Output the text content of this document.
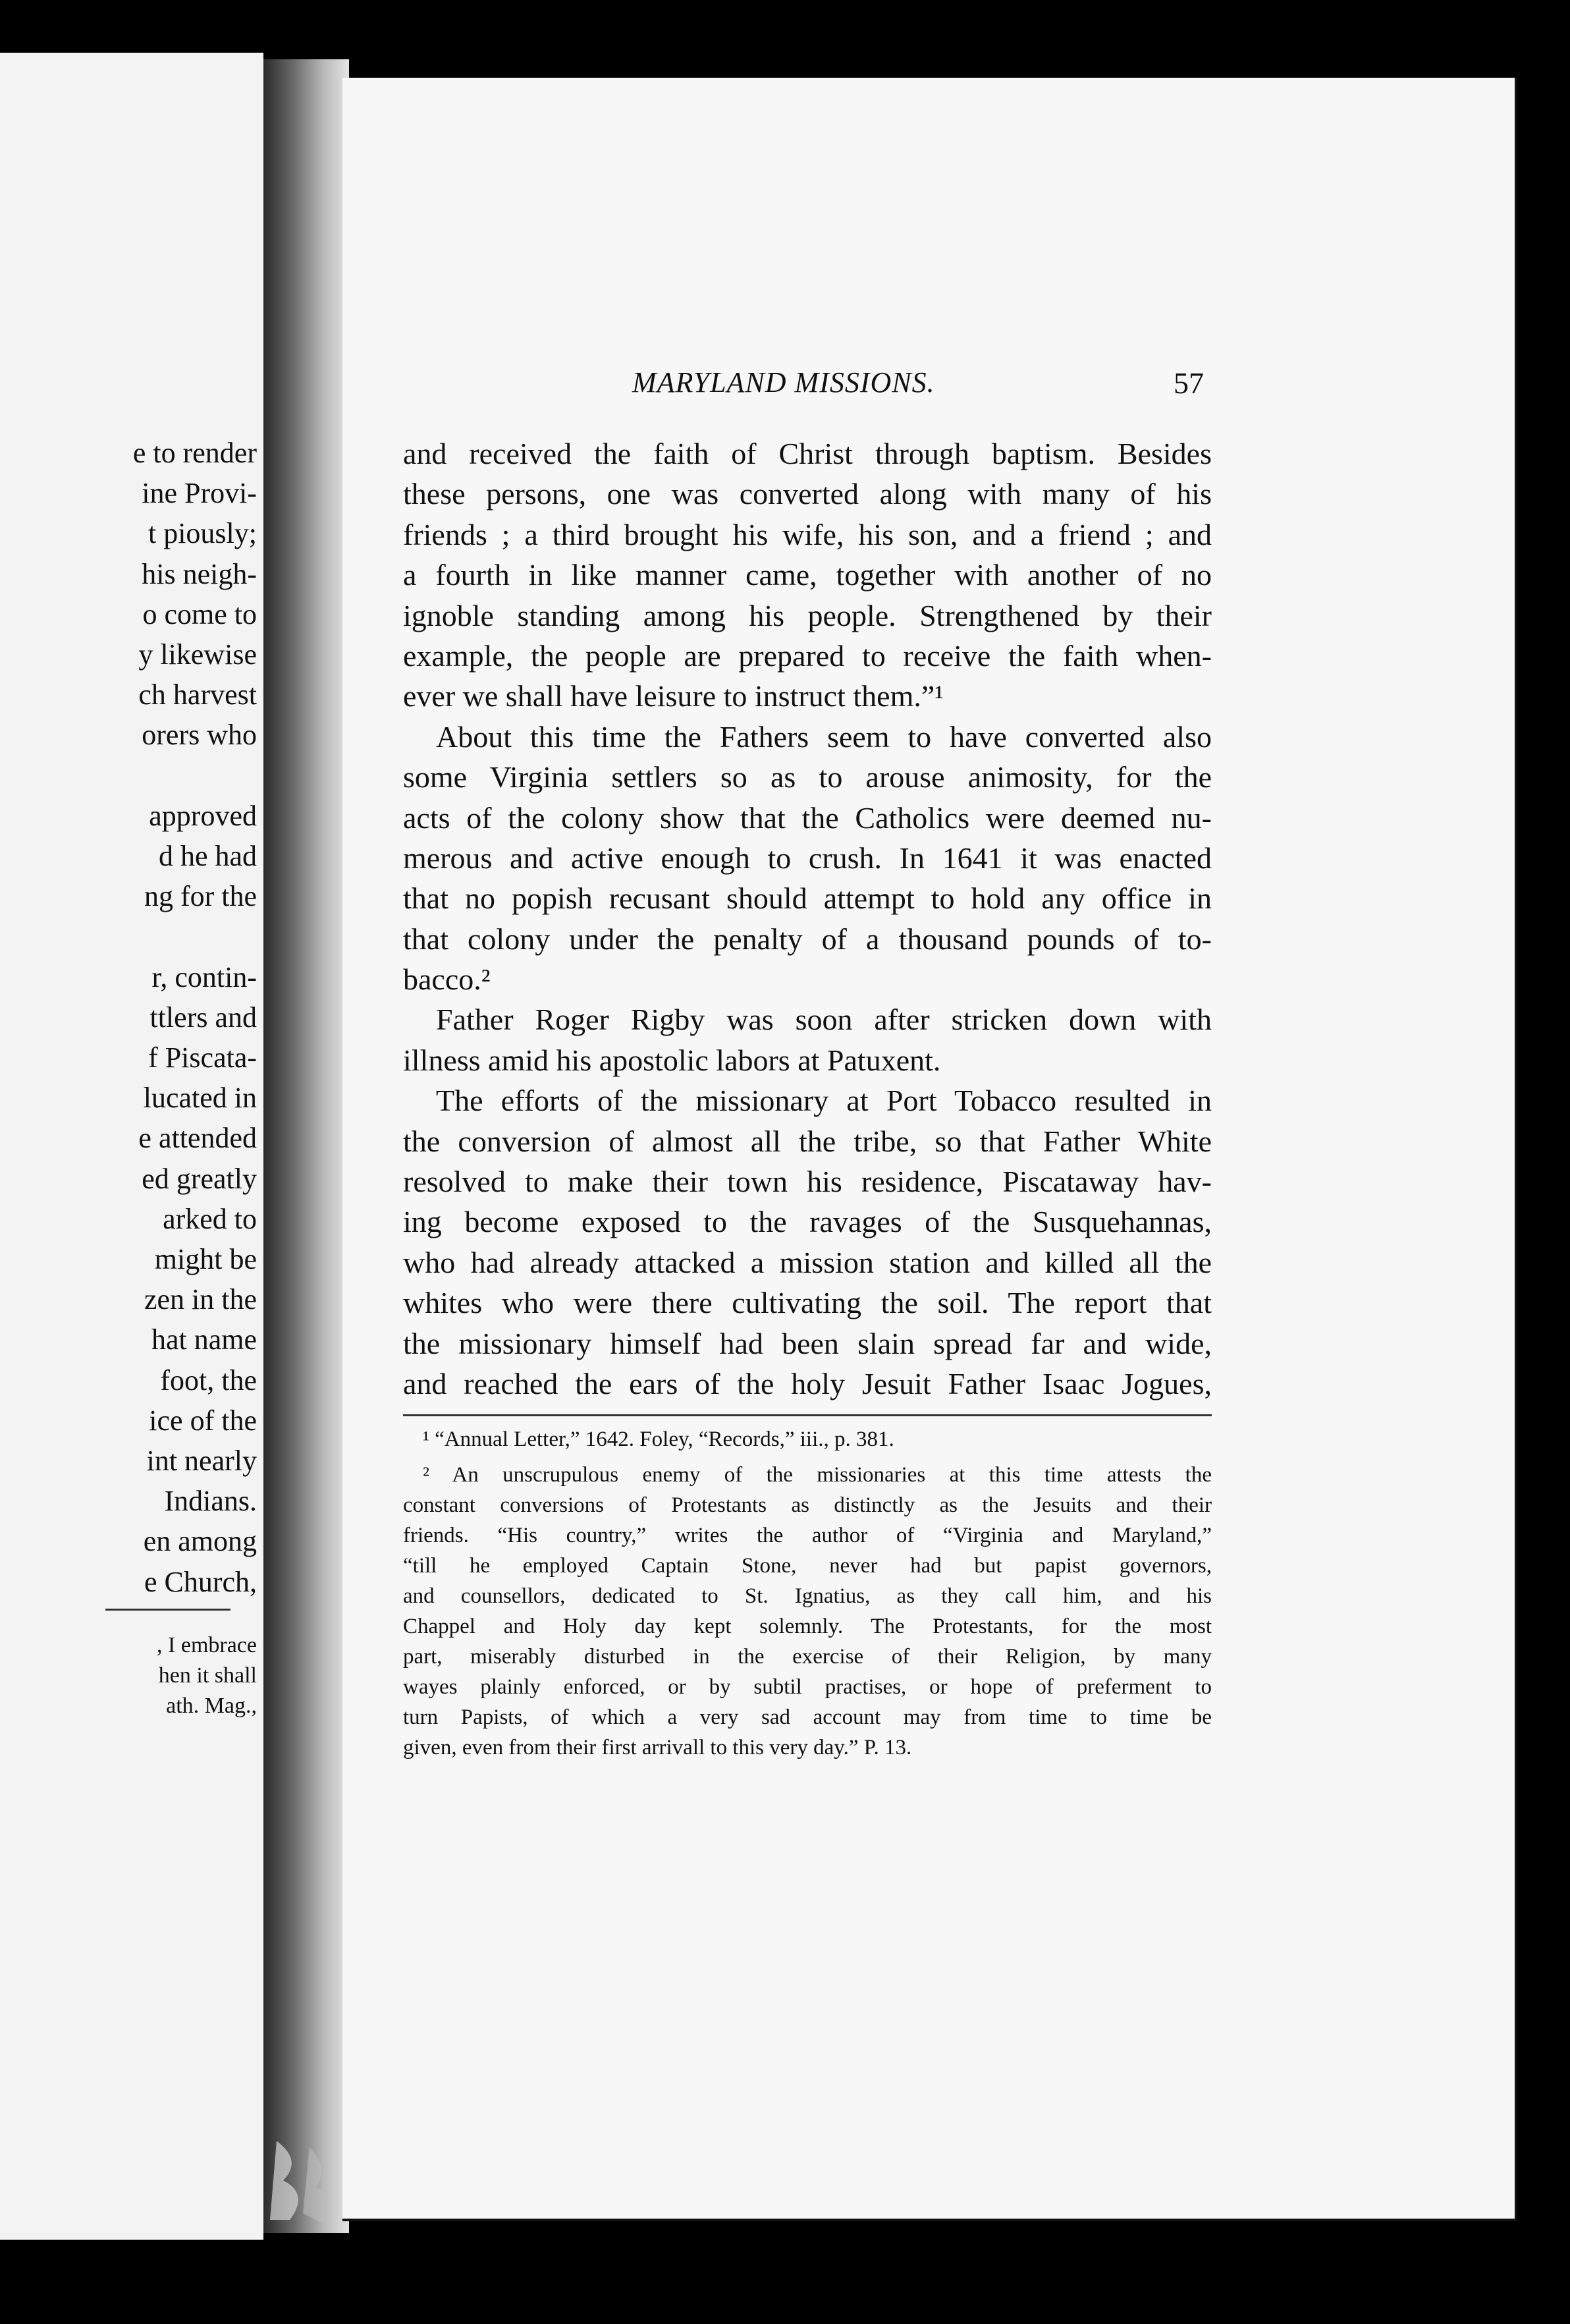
e to render
ine Provi-
t piously;
his neigh-
o come to
y likewise
ch harvest
orers who
approved
d he had
ng for the
r, contin-
ttlers and
f Piscata-
lucated in
e attended
ed greatly
arked to
might be
zen in the
hat name
foot, the
ice of the
int nearly
Indians.
en among
e Church,
, I embrace
hen it shall
ath. Mag.,
MARYLAND MISSIONS.	57
and received the faith of Christ through baptism. Besides
these persons, one was converted along with many of his
friends ; a third brought his wife, his son, and a friend ; and
a fourth in like manner came, together with another of no
ignoble standing among his people. Strengthened by their
example, the people are prepared to receive the faith when-
ever we shall have leisure to instruct them.”¹
About this time the Fathers seem to have converted also
some Virginia settlers so as to arouse animosity, for the
acts of the colony show that the Catholics were deemed nu-
merous and active enough to crush. In 1641 it was enacted
that no popish recusant should attempt to hold any office in
that colony under the penalty of a thousand pounds of to-
bacco.²
Father Roger Rigby was soon after stricken down with
illness amid his apostolic labors at Patuxent.
The efforts of the missionary at Port Tobacco resulted in
the conversion of almost all the tribe, so that Father White
resolved to make their town his residence, Piscataway hav-
ing become exposed to the ravages of the Susquehannas,
who had already attacked a mission station and killed all the
whites who were there cultivating the soil. The report that
the missionary himself had been slain spread far and wide,
and reached the ears of the holy Jesuit Father Isaac Jogues,
¹ “Annual Letter,” 1642. Foley, “Records,” iii., p. 381.
² An unscrupulous enemy of the missionaries at this time attests the
constant conversions of Protestants as distinctly as the Jesuits and their
friends. “His country,” writes the author of “Virginia and Maryland,”
“till he employed Captain Stone, never had but papist governors,
and counsellors, dedicated to St. Ignatius, as they call him, and his
Chappel and Holy day kept solemnly. The Protestants, for the most
part, miserably disturbed in the exercise of their Religion, by many
wayes plainly enforced, or by subtil practises, or hope of preferment to
turn Papists, of which a very sad account may from time to time be
given, even from their first arrivall to this very day.” P. 13.
